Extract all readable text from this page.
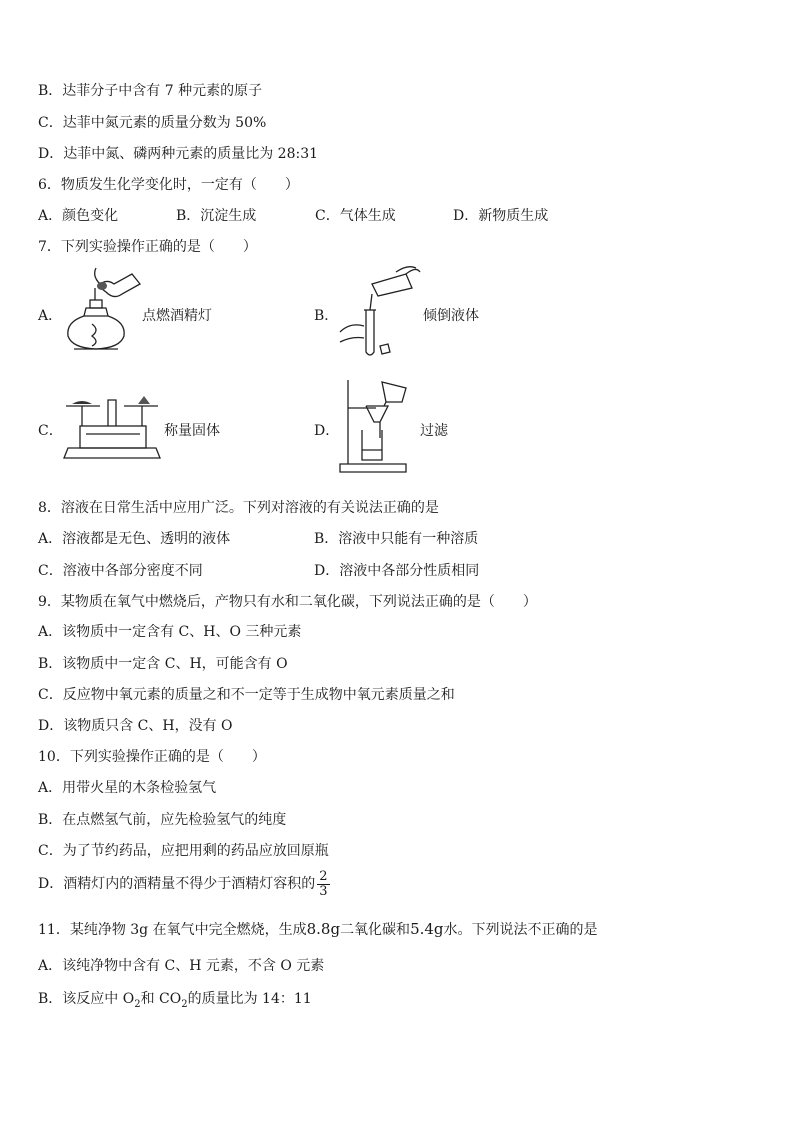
B．达菲分子中含有 7 种元素的原子
C．达菲中氮元素的质量分数为 50%
D．达菲中氮、磷两种元素的质量比为 28:31
6．物质发生化学变化时，一定有（　　）
A．颜色变化	B．沉淀生成	C．气体生成	D．新物质生成
7．下列实验操作正确的是（　　）
A．	点燃酒精灯	B．	倾倒液体
C．	称量固体	D．	过滤
8．溶液在日常生活中应用广泛。下列对溶液的有关说法正确的是
A．溶液都是无色、透明的液体	B．溶液中只能有一种溶质
C．溶液中各部分密度不同	D．溶液中各部分性质相同
9．某物质在氧气中燃烧后，产物只有水和二氧化碳，下列说法正确的是（　　）
A．该物质中一定含有 C、H、O 三种元素
B．该物质中一定含 C、H，可能含有 O
C．反应物中氧元素的质量之和不一定等于生成物中氧元素质量之和
D．该物质只含 C、H，没有 O
10．下列实验操作正确的是（　　）
A．用带火星的木条检验氢气
B．在点燃氢气前，应先检验氢气的纯度
C．为了节约药品，应把用剩的药品应放回原瓶
D．酒精灯内的酒精量不得少于酒精灯容积的 $\frac{2}{3}$
11．某纯净物 3g 在氧气中完全燃烧，生成8.8g二氧化碳和5.4g水。下列说法不正确的是
A．该纯净物中含有 C、H 元素，不含 O 元素
B．该反应中 $O_2$和 $CO_2$的质量比为 14：11
